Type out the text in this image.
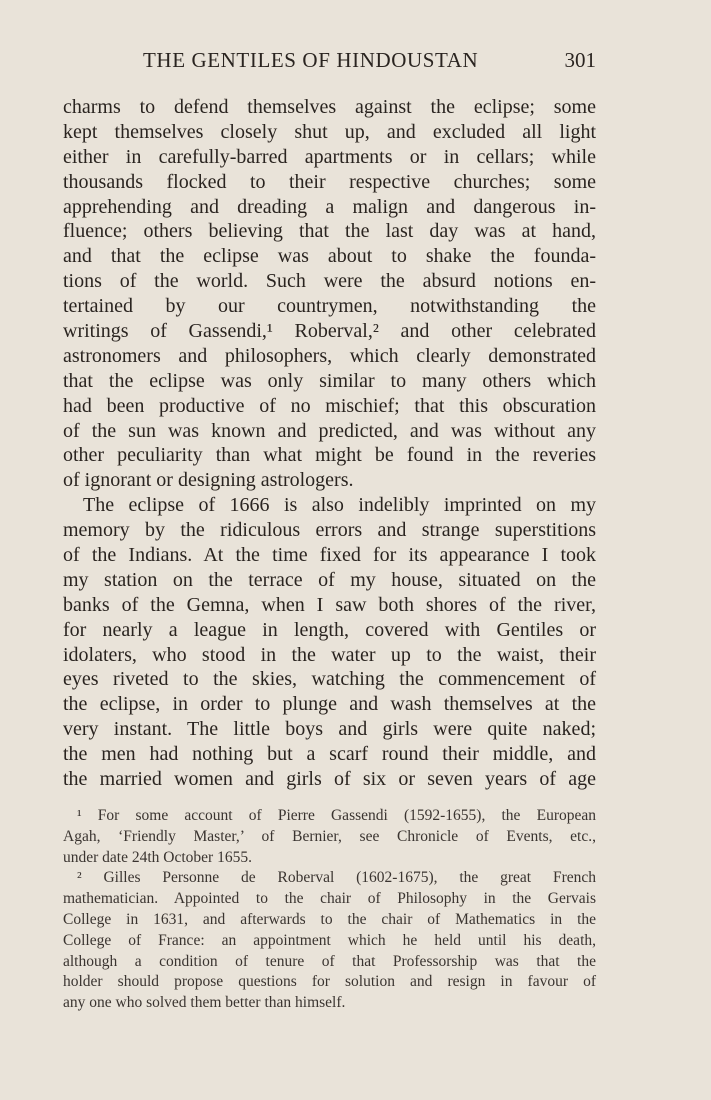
THE GENTILES OF HINDOUSTAN	301
charms to defend themselves against the eclipse; some
kept themselves closely shut up, and excluded all light
either in carefully-barred apartments or in cellars; while
thousands flocked to their respective churches; some
apprehending and dreading a malign and dangerous in-
fluence; others believing that the last day was at hand,
and that the eclipse was about to shake the founda-
tions of the world. Such were the absurd notions en-
tertained by our countrymen, notwithstanding the
writings of Gassendi,¹ Roberval,² and other celebrated
astronomers and philosophers, which clearly demonstrated
that the eclipse was only similar to many others which
had been productive of no mischief; that this obscuration
of the sun was known and predicted, and was without any
other peculiarity than what might be found in the reveries
of ignorant or designing astrologers.
The eclipse of 1666 is also indelibly imprinted on my
memory by the ridiculous errors and strange superstitions
of the Indians. At the time fixed for its appearance I took
my station on the terrace of my house, situated on the
banks of the Gemna, when I saw both shores of the river,
for nearly a league in length, covered with Gentiles or
idolaters, who stood in the water up to the waist, their
eyes riveted to the skies, watching the commencement of
the eclipse, in order to plunge and wash themselves at the
very instant. The little boys and girls were quite naked;
the men had nothing but a scarf round their middle, and
the married women and girls of six or seven years of age
¹ For some account of Pierre Gassendi (1592-1655), the European
Agah, ‘Friendly Master,’ of Bernier, see Chronicle of Events, etc.,
under date 24th October 1655.
² Gilles Personne de Roberval (1602-1675), the great French
mathematician. Appointed to the chair of Philosophy in the Gervais
College in 1631, and afterwards to the chair of Mathematics in the
College of France: an appointment which he held until his death,
although a condition of tenure of that Professorship was that the
holder should propose questions for solution and resign in favour of
any one who solved them better than himself.
